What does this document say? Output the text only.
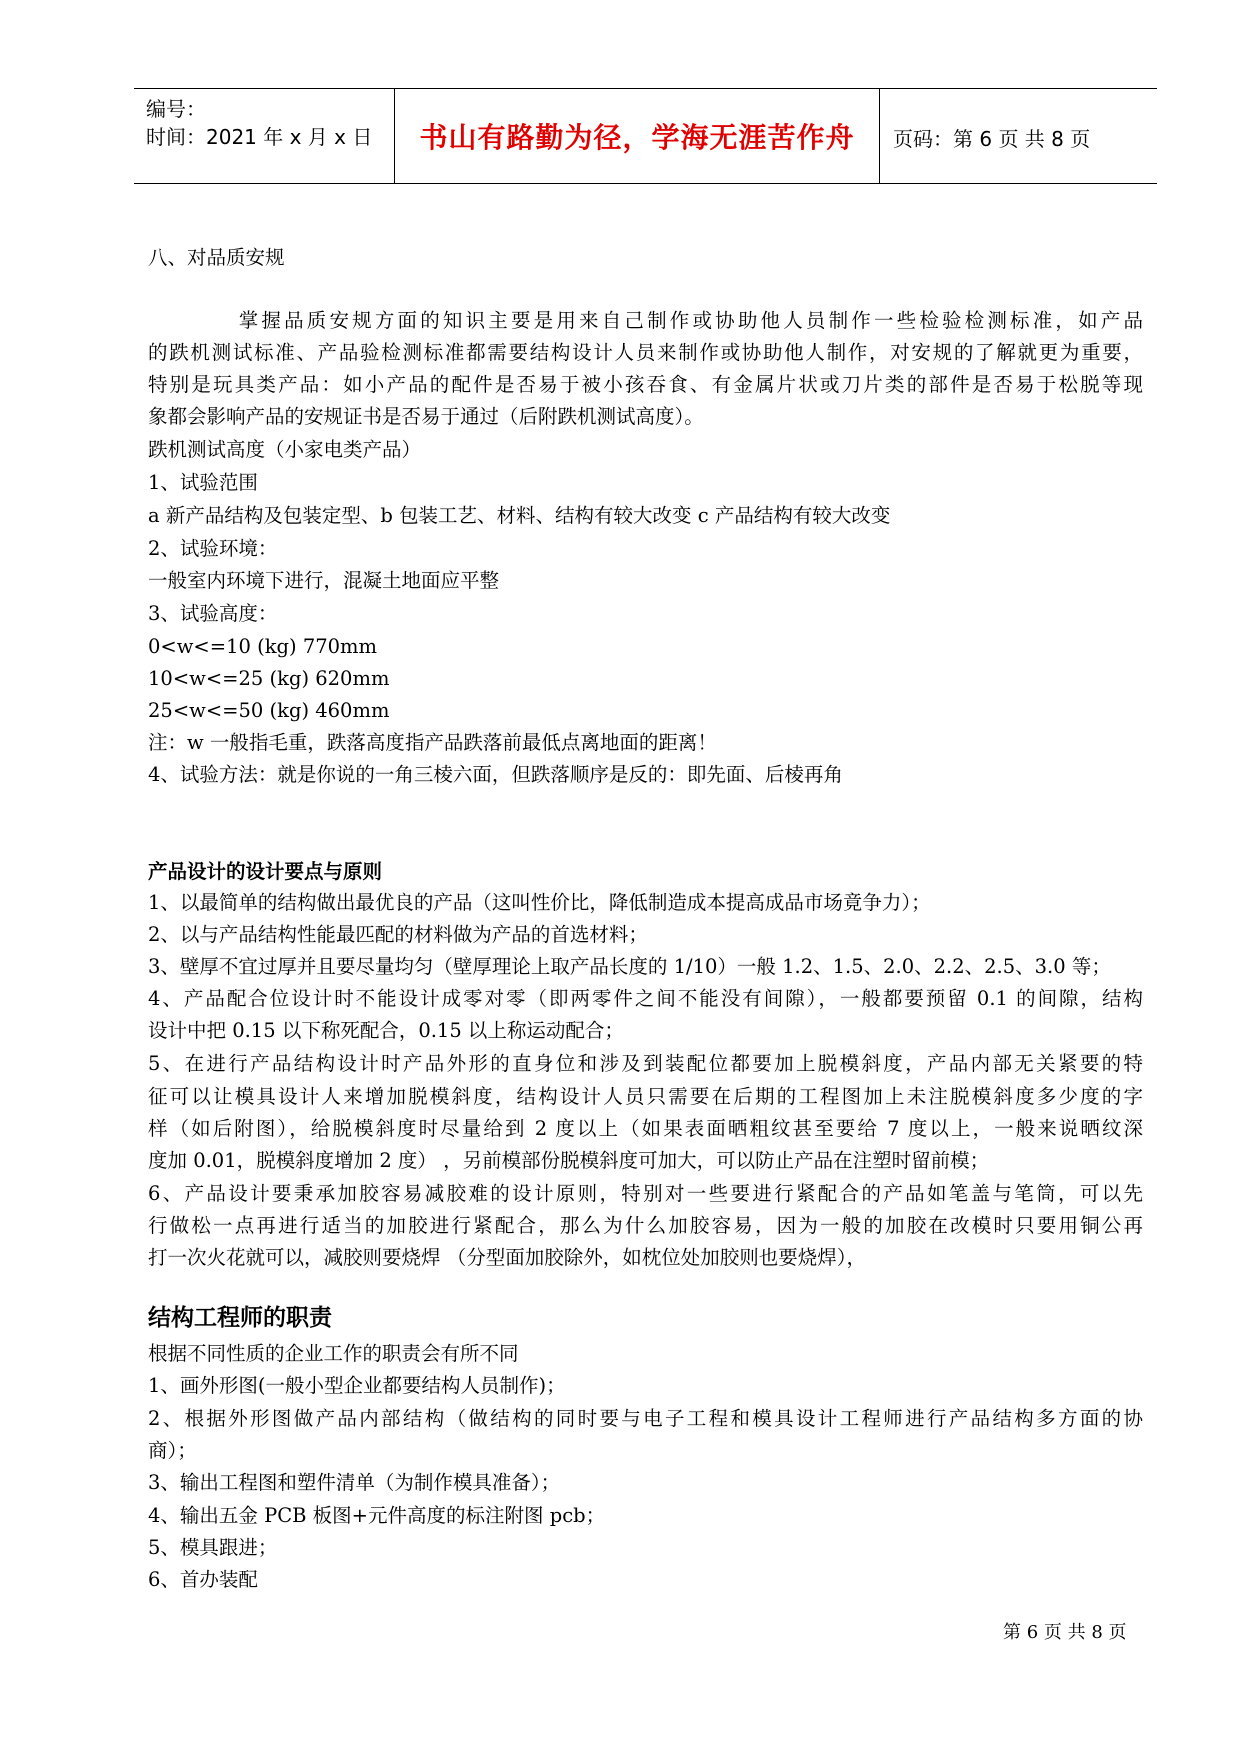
编号：
时间：2021 年 x 月 x 日	书山有路勤为径，学海无涯苦作舟	页码：第 6 页 共 8 页
八、对品质安规
　　　　掌握品质安规方面的知识主要是用来自己制作或协助他人员制作一些检验检测标准，如产品
的跌机测试标准、产品验检测标准都需要结构设计人员来制作或协助他人制作，对安规的了解就更为重要，
特别是玩具类产品：如小产品的配件是否易于被小孩吞食、有金属片状或刀片类的部件是否易于松脱等现
象都会影响产品的安规证书是否易于通过（后附跌机测试高度）。
跌机测试高度（小家电类产品）
1、试验范围
a 新产品结构及包装定型、b 包装工艺、材料、结构有较大改变 c 产品结构有较大改变
2、试验环境：
一般室内环境下进行，混凝土地面应平整
3、试验高度：
0<w<=10 (kg) 770mm
10<w<=25 (kg) 620mm
25<w<=50 (kg) 460mm
注：w 一般指毛重，跌落高度指产品跌落前最低点离地面的距离！
4、试验方法：就是你说的一角三棱六面，但跌落顺序是反的：即先面、后棱再角
产品设计的设计要点与原则
1、以最简单的结构做出最优良的产品（这叫性价比，降低制造成本提高成品市场竟争力）；
2、以与产品结构性能最匹配的材料做为产品的首选材料；
3、壁厚不宜过厚并且要尽量均匀（壁厚理论上取产品长度的 1/10）一般 1.2、1.5、2.0、2.2、2.5、3.0 等；
4、产品配合位设计时不能设计成零对零（即两零件之间不能没有间隙），一般都要预留 0.1 的间隙，结构
设计中把 0.15 以下称死配合，0.15 以上称运动配合；
5、在进行产品结构设计时产品外形的直身位和涉及到装配位都要加上脱模斜度，产品内部无关紧要的特
征可以让模具设计人来增加脱模斜度，结构设计人员只需要在后期的工程图加上未注脱模斜度多少度的字
样（如后附图），给脱模斜度时尽量给到 2 度以上（如果表面晒粗纹甚至要给 7 度以上，一般来说晒纹深
度加 0.01，脱模斜度增加 2 度） ，另前模部份脱模斜度可加大，可以防止产品在注塑时留前模；
6、产品设计要秉承加胶容易减胶难的设计原则，特别对一些要进行紧配合的产品如笔盖与笔筒，可以先
行做松一点再进行适当的加胶进行紧配合，那么为什么加胶容易，因为一般的加胶在改模时只要用铜公再
打一次火花就可以，减胶则要烧焊 （分型面加胶除外，如枕位处加胶则也要烧焊），
结构工程师的职责
根据不同性质的企业工作的职责会有所不同
1、画外形图(一般小型企业都要结构人员制作)；
2、根据外形图做产品内部结构（做结构的同时要与电子工程和模具设计工程师进行产品结构多方面的协
商）；
3、输出工程图和塑件清单（为制作模具准备）；
4、输出五金 PCB 板图+元件高度的标注附图 pcb；
5、模具跟进；
6、首办装配
第 6 页 共 8 页
